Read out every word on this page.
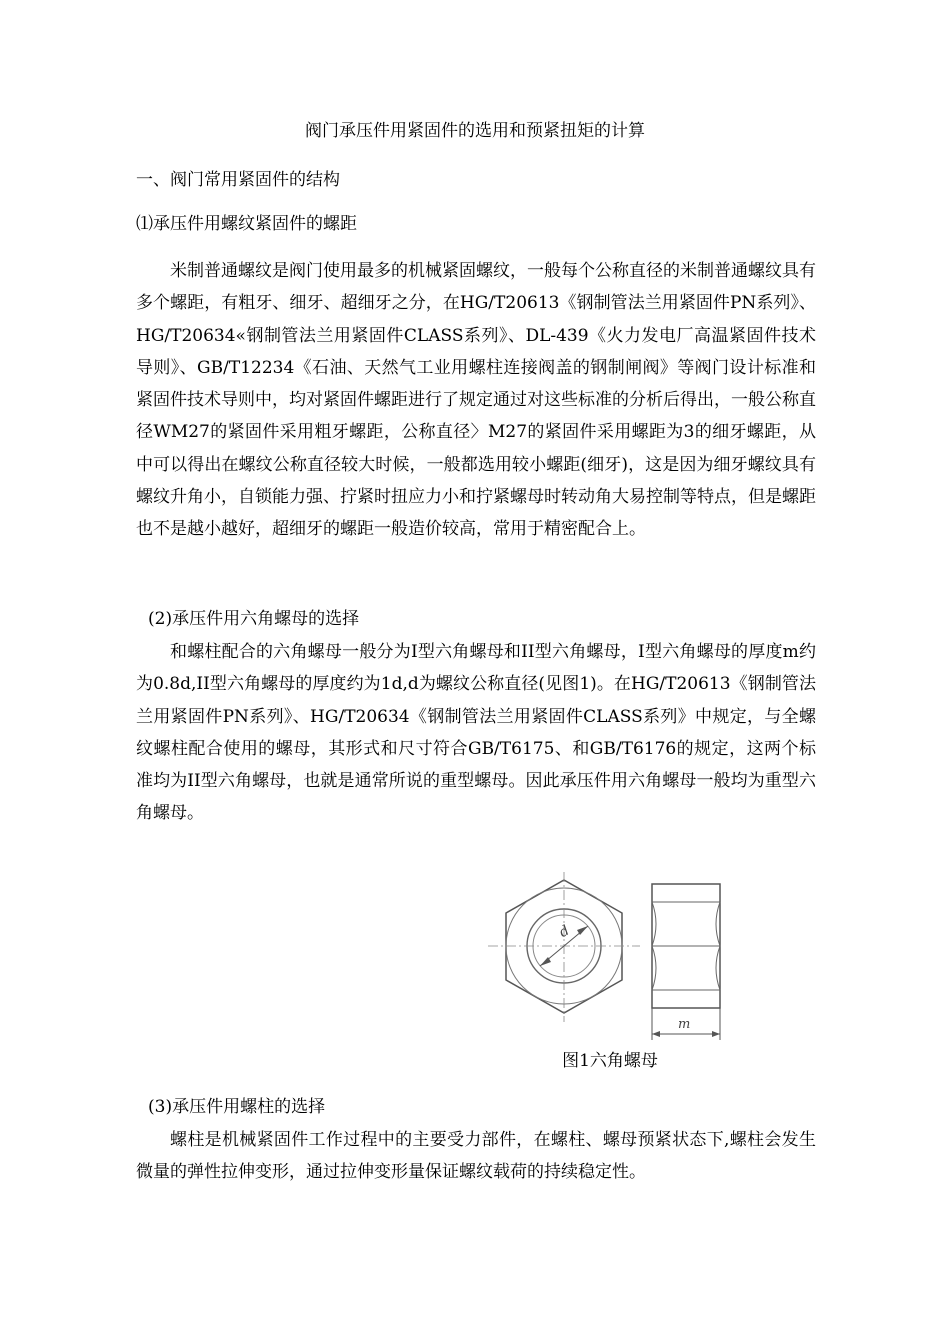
阀门承压件用紧固件的选用和预紧扭矩的计算
一、阀门常用紧固件的结构
⑴承压件用螺纹紧固件的螺距
米制普通螺纹是阀门使用最多的机械紧固螺纹，一般每个公称直径的米制普通螺纹具有多个螺距，有粗牙、细牙、超细牙之分，在HG/T20613《钢制管法兰用紧固件PN系列》、HG/T20634«钢制管法兰用紧固件CLASS系列》、DL-439《火力发电厂高温紧固件技术导则》、GB/T12234《石油、天然气工业用螺柱连接阀盖的钢制闸阀》等阀门设计标准和紧固件技术导则中，均对紧固件螺距进行了规定通过对这些标准的分析后得出，一般公称直径WM27的紧固件采用粗牙螺距，公称直径〉M27的紧固件采用螺距为3的细牙螺距，从中可以得出在螺纹公称直径较大时候，一般都选用较小螺距(细牙)，这是因为细牙螺纹具有螺纹升角小，自锁能力强、拧紧时扭应力小和拧紧螺母时转动角大易控制等特点，但是螺距也不是越小越好，超细牙的螺距一般造价较高，常用于精密配合上。
(2)承压件用六角螺母的选择
和螺柱配合的六角螺母一般分为I型六角螺母和II型六角螺母，I型六角螺母的厚度m约为0.8d,II型六角螺母的厚度约为1d,d为螺纹公称直径(见图1)。在HG/T20613《钢制管法兰用紧固件PN系列》、HG/T20634《钢制管法兰用紧固件CLASS系列》中规定，与全螺纹螺柱配合使用的螺母，其形式和尺寸符合GB/T6175、和GB/T6176的规定，这两个标准均为II型六角螺母，也就是通常所说的重型螺母。因此承压件用六角螺母一般均为重型六角螺母。
d
m
图1六角螺母
(3)承压件用螺柱的选择
螺柱是机械紧固件工作过程中的主要受力部件，在螺柱、螺母预紧状态下,螺柱会发生微量的弹性拉伸变形，通过拉伸变形量保证螺纹载荷的持续稳定性。
